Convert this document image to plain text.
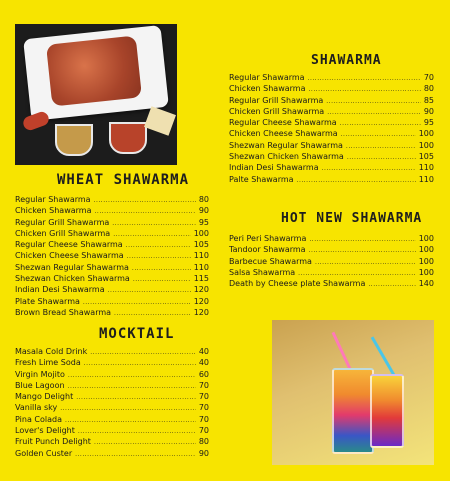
WHEAT SHAWARMA
Regular Shawarma .....	80
Chicken Shawarma .....	90
Regular Grill Shawarma .....	95
Chicken Grill Shawarma .....	100
Regular Cheese Shawarma .....	105
Chicken Cheese Shawarma .....	110
Shezwan Regular Shawarma .....	110
Shezwan Chicken Shawarma .....	115
Indian Desi Shawarma .....	120
Plate Shawarma .....	120
Brown Bread Shawarma .....	120
MOCKTAIL
Masala Cold Drink .....	40
Fresh Lime Soda .....	40
Virgin Mojito .....	60
Blue Lagoon .....	70
Mango Delight .....	70
Vanilla sky .....	70
Pina Colada .....	70
Lover's Delight .....	70
Fruit Punch Delight .....	80
Golden Custer .....	90
SHAWARMA
Regular Shawarma .....	70
Chicken Shawarma .....	80
Regular Grill Shawarma .....	85
Chicken Grill Shawarma .....	90
Regular Cheese Shawarma .....	95
Chicken Cheese Shawarma .....	100
Shezwan Regular Shawarma .....	100
Shezwan Chicken Shawarma .....	105
Indian Desi Shawarma .....	110
Palte Shawarma .....	110
HOT NEW SHAWARMA
Peri Peri Shawarma .....	100
Tandoor Shawarma .....	100
Barbecue Shawarma .....	100
Salsa Shawarma .....	100
Death by Cheese plate Shawarma .....	140
